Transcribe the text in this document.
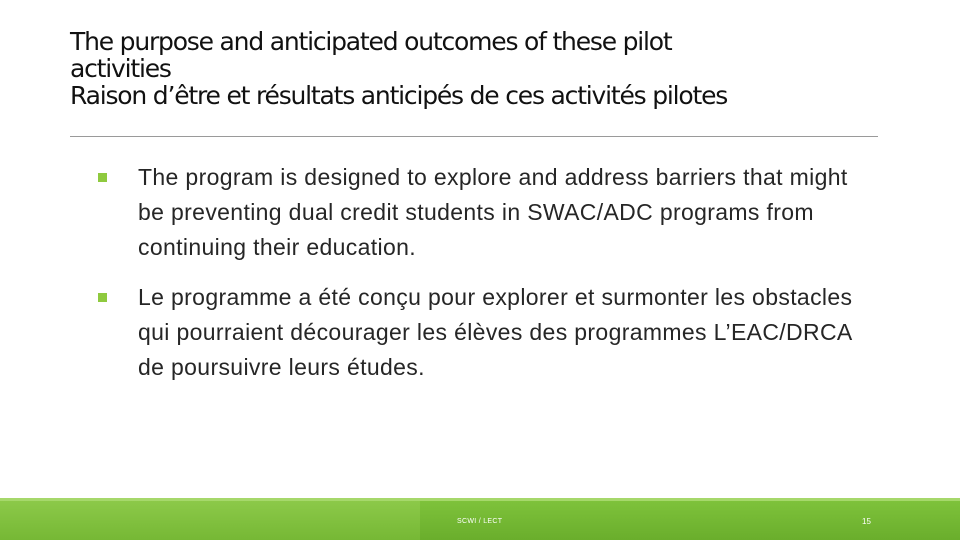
The purpose and anticipated outcomes of these pilot
activities
Raison d’être et résultats anticipés de ces activités pilotes
The program is designed to explore and address barriers that might be preventing dual credit students in SWAC/ADC programs from continuing their education.
Le programme a été conçu pour explorer et surmonter les obstacles qui pourraient décourager les élèves des programmes L’EAC/DRCA de poursuivre leurs études.
SCWI / LECT	15
